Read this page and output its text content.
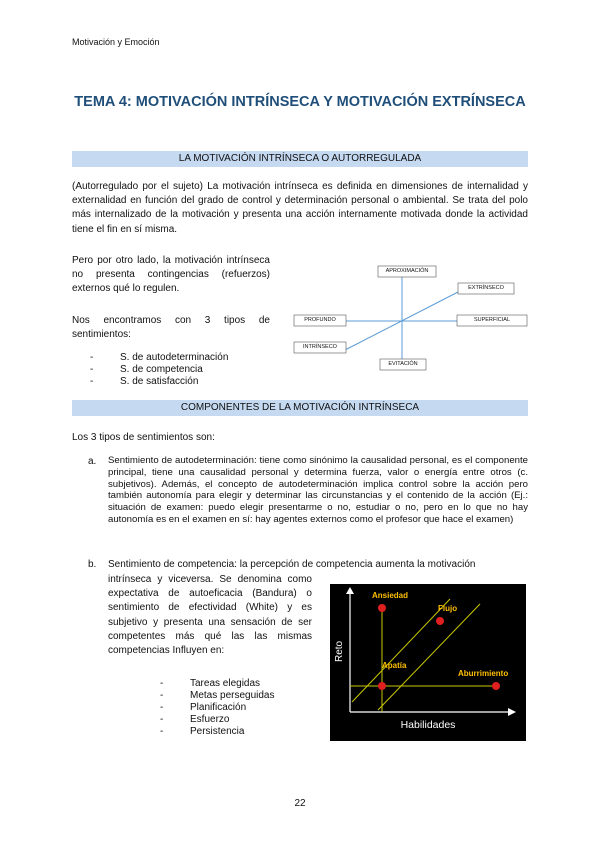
Motivación y Emoción
TEMA 4: MOTIVACIÓN INTRÍNSECA Y MOTIVACIÓN EXTRÍNSECA
LA MOTIVACIÓN INTRÍNSECA O AUTORREGULADA
(Autorregulado por el sujeto) La motivación intrínseca es definida en dimensiones de internalidad y externalidad en función del grado de control y determinación personal o ambiental. Se trata del polo más internalizado de la motivación y presenta una acción internamente motivada donde la actividad tiene el fin en sí misma.
Pero por otro lado, la motivación intrínseca no presenta contingencias (refuerzos) externos qué lo regulen.
Nos encontramos con 3 tipos de sentimientos:
- S. de autodeterminación
- S. de competencia
- S. de satisfacción
APROXIMACIÓN
EVITACIÓN
PROFUNDO	SUPERFICIAL
EXTRÍNSECO
INTRÍNSECO
COMPONENTES DE LA MOTIVACIÓN INTRÍNSECA
Los 3 tipos de sentimientos son:
a. Sentimiento de autodeterminación: tiene como sinónimo la causalidad personal, es el componente principal, tiene una causalidad personal y determina fuerza, valor o energía entre otros (c. subjetivos). Además, el concepto de autodeterminación implica control sobre la acción pero también autonomía para elegir y determinar las circunstancias y el contenido de la acción (Ej.: situación de examen: puedo elegir presentarme o no, estudiar o no, pero en lo que no hay autonomía es en el examen en sí: hay agentes externos como el profesor que hace el examen)
b. Sentimiento de competencia: la percepción de competencia aumenta la motivación
intrínseca y viceversa. Se denomina como expectativa de autoeficacia (Bandura) o sentimiento de efectividad (White) y es subjetivo y presenta una sensación de ser competentes más qué las las mismas competencias Influyen en:
- Tareas elegidas
- Metas perseguidas
- Planificación
- Esfuerzo
- Persistencia
Ansiedad
Flujo
Apatía
Aburrimiento
Reto
Habilidades
22
